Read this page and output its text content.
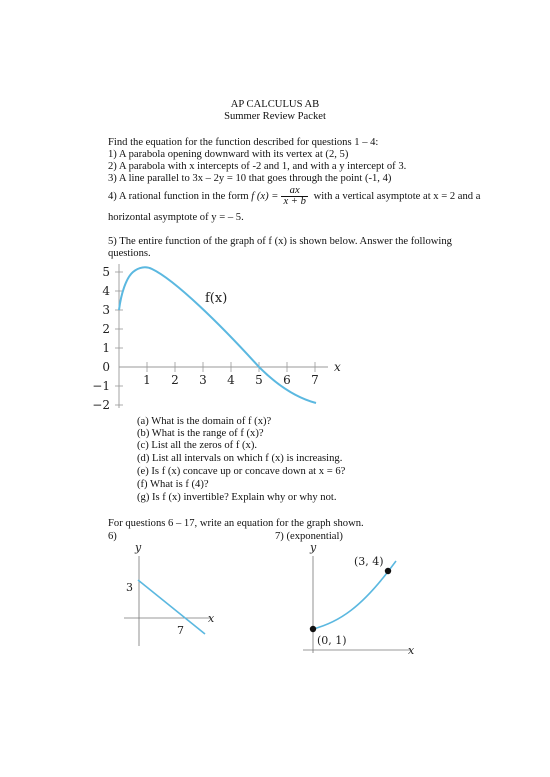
AP CALCULUS AB
Summer Review Packet
Find the equation for the function described for questions 1 – 4:
1) A parabola opening downward with its vertex at (2, 5)
2) A parabola with x intercepts of -2 and 1, and with a y intercept of 3.
3) A line parallel to 3x – 2y = 10 that goes through the point (-1, 4)
4) A rational function in the form f $(x) = \frac{ax}{x + b}$ with a vertical asymptote at x = 2 and a
horizontal asymptote of y = – 5.
5) The entire function of the graph of f (x) is shown below. Answer the following
questions.
1 2 3 4 5 6 7
5
4
3
2
1
0
−1
−2
x
f(x)
(a) What is the domain of f (x)?
(b) What is the range of f (x)?
(c) List all the zeros of f (x).
(d) List all intervals on which f (x) is increasing.
(e) Is f (x) concave up or concave down at x = 6?
(f) What is f (4)?
(g) Is f (x) invertible? Explain why or why not.
For questions 6 – 17, write an equation for the graph shown.
6)	7) (exponential)
y
x
3
7
y
x
(0, 1)
(3, 4)
